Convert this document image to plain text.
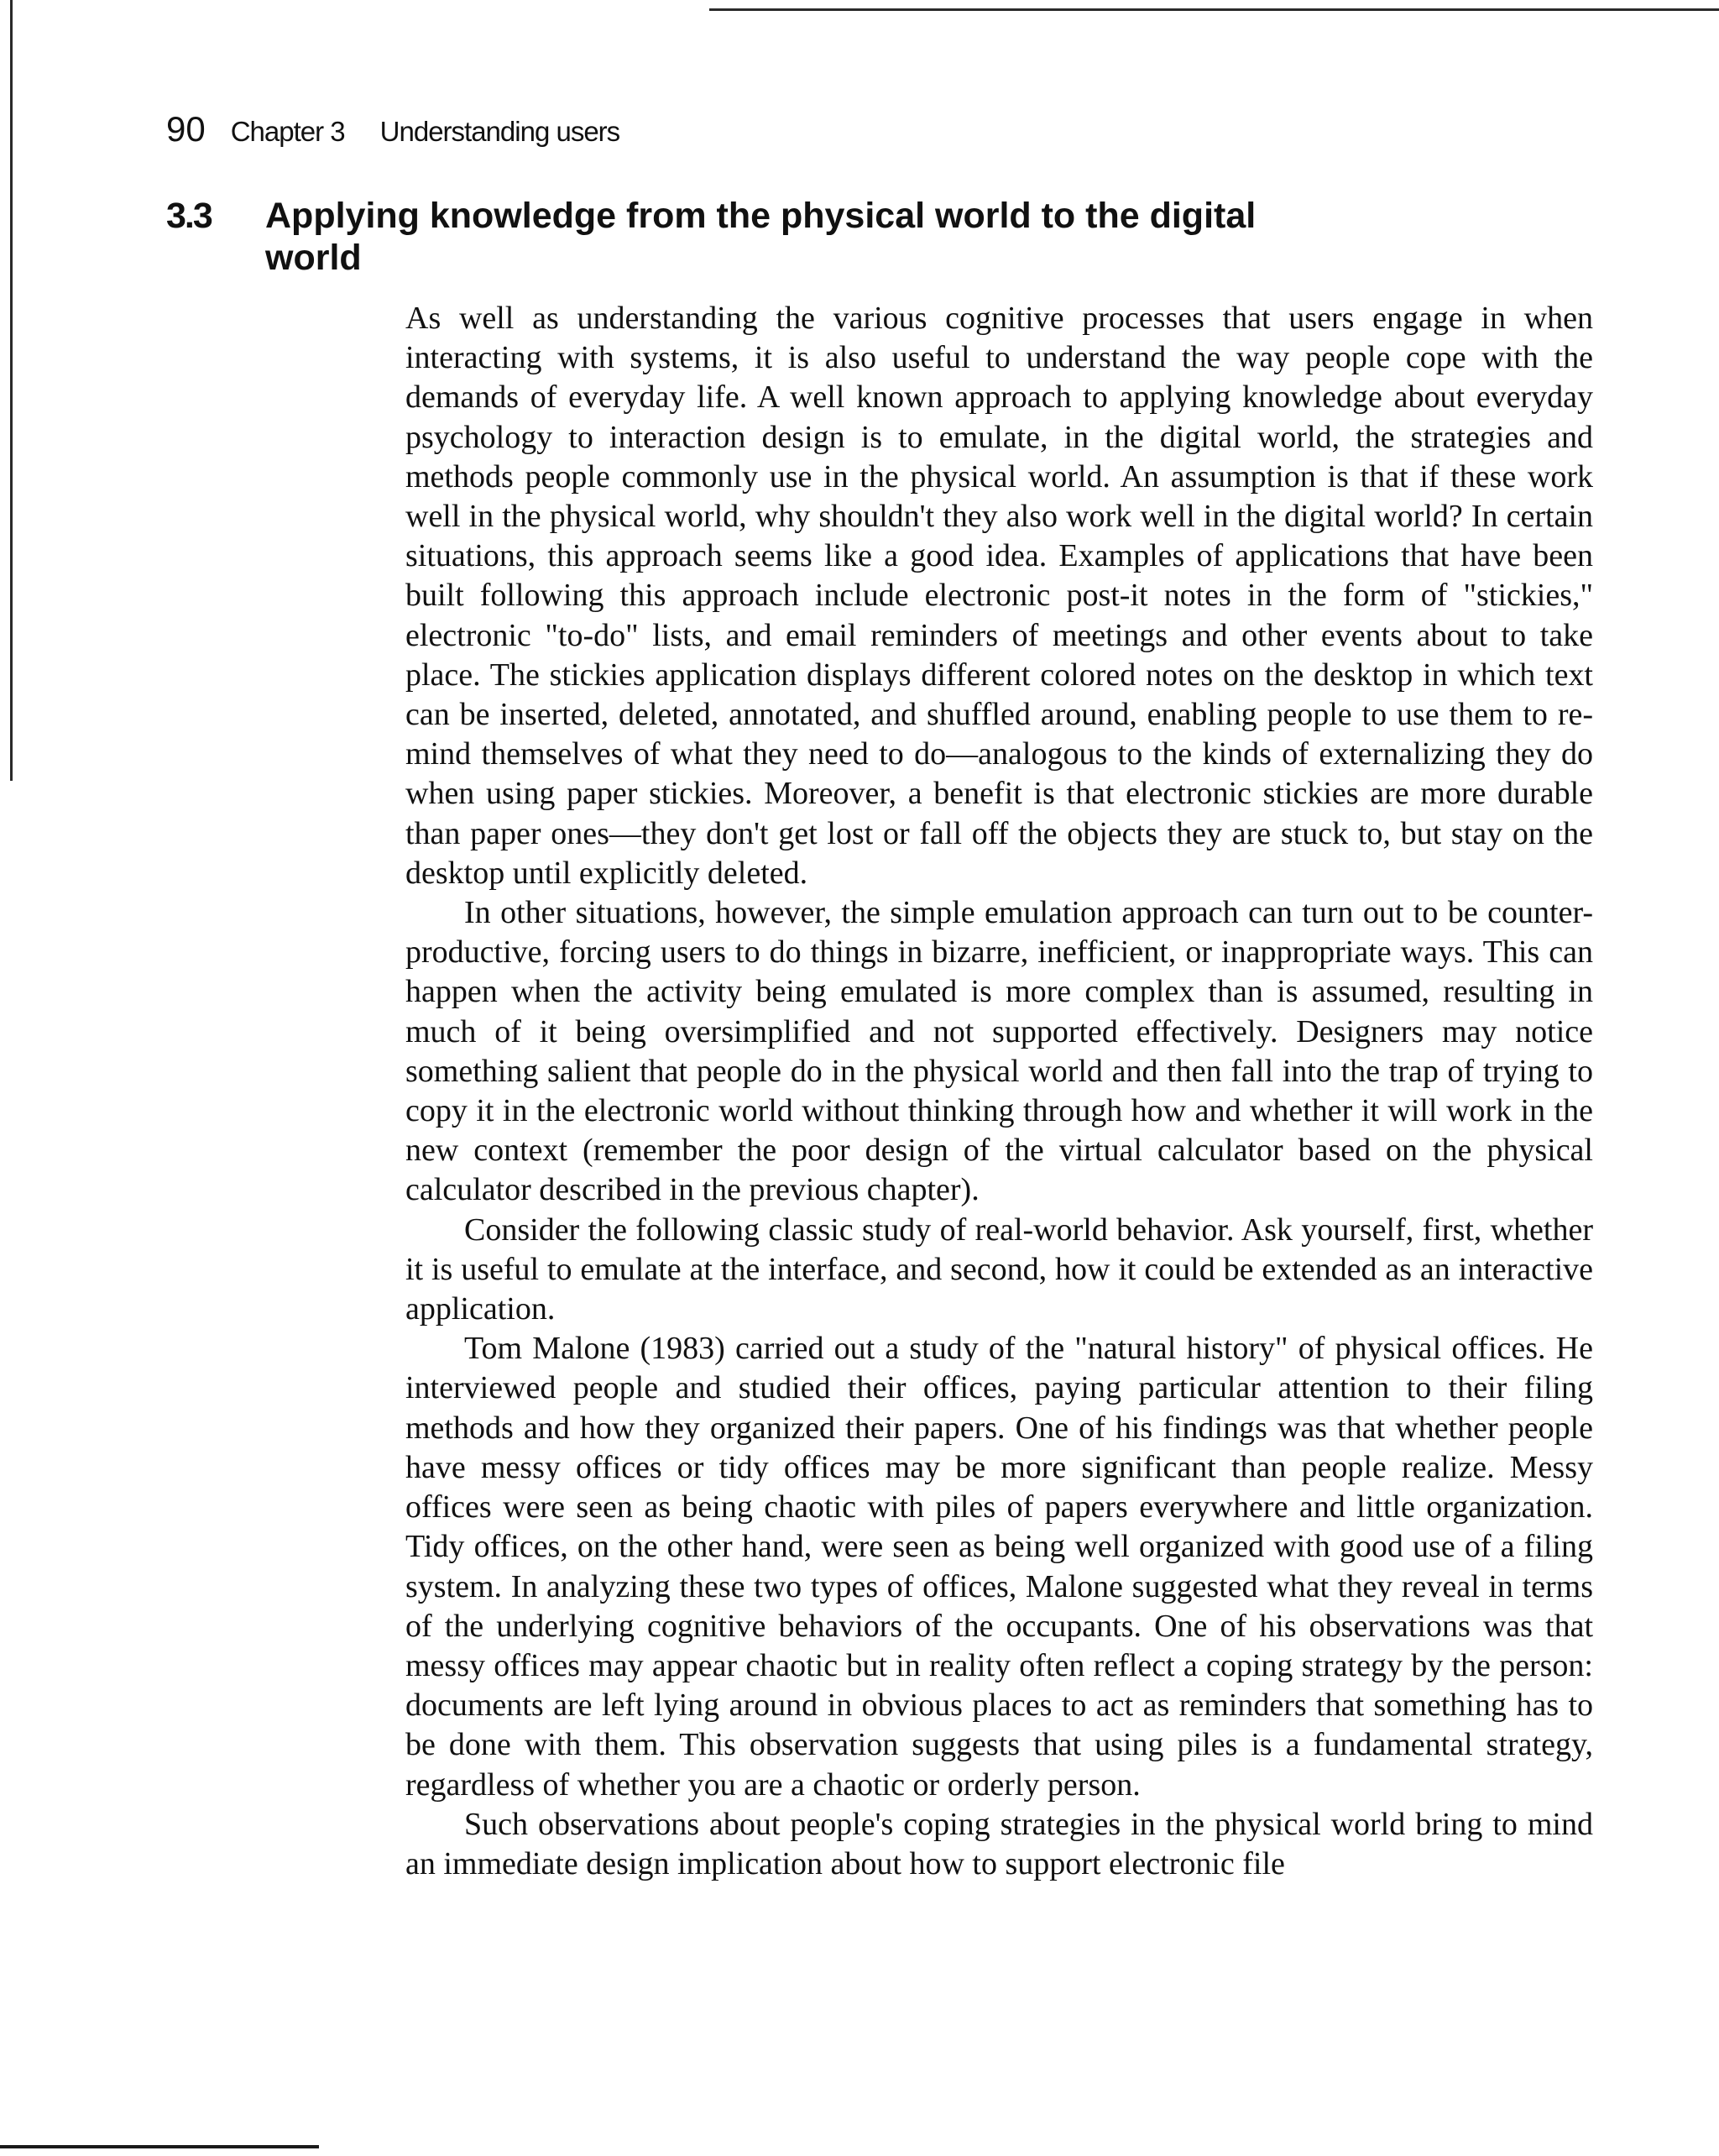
90 Chapter 3 Understanding users
3.3 Applying knowledge from the physical world to the digital world

As well as understanding the various cognitive processes that users engage in when interacting with systems, it is also useful to understand the way people cope with the demands of everyday life. A well known approach to applying knowledge about everyday psychology to interaction design is to emulate, in the digital world, the strategies and methods people commonly use in the physical world. An assumption is that if these work well in the physical world, why shouldn't they also work well in the digital world? In certain situations, this approach seems like a good idea. Examples of applications that have been built following this approach include electronic post-it notes in the form of "stickies," electronic "to-do" lists, and email reminders of meetings and other events about to take place. The stickies application displays different colored notes on the desktop in which text can be inserted, deleted, annotated, and shuffled around, enabling people to use them to remind themselves of what they need to do—analogous to the kinds of externalizing they do when using paper stickies. Moreover, a benefit is that electronic stickies are more durable than paper ones—they don't get lost or fall off the objects they are stuck to, but stay on the desktop until explicitly deleted.

In other situations, however, the simple emulation approach can turn out to be counter-productive, forcing users to do things in bizarre, inefficient, or inappropriate ways. This can happen when the activity being emulated is more complex than is assumed, resulting in much of it being oversimplified and not supported effectively. Designers may notice something salient that people do in the physical world and then fall into the trap of trying to copy it in the electronic world without thinking through how and whether it will work in the new context (remember the poor design of the virtual calculator based on the physical calculator described in the previous chapter).

Consider the following classic study of real-world behavior. Ask yourself, first, whether it is useful to emulate at the interface, and second, how it could be extended as an interactive application.

Tom Malone (1983) carried out a study of the "natural history" of physical offices. He interviewed people and studied their offices, paying particular attention to their filing methods and how they organized their papers. One of his findings was that whether people have messy offices or tidy offices may be more significant than people realize. Messy offices were seen as being chaotic with piles of papers everywhere and little organization. Tidy offices, on the other hand, were seen as being well organized with good use of a filing system. In analyzing these two types of offices, Malone suggested what they reveal in terms of the underlying cognitive behaviors of the occupants. One of his observations was that messy offices may appear chaotic but in reality often reflect a coping strategy by the person: documents are left lying around in obvious places to act as reminders that something has to be done with them. This observation suggests that using piles is a fundamental strategy, regardless of whether you are a chaotic or orderly person.

Such observations about people's coping strategies in the physical world bring to mind an immediate design implication about how to support electronic file
